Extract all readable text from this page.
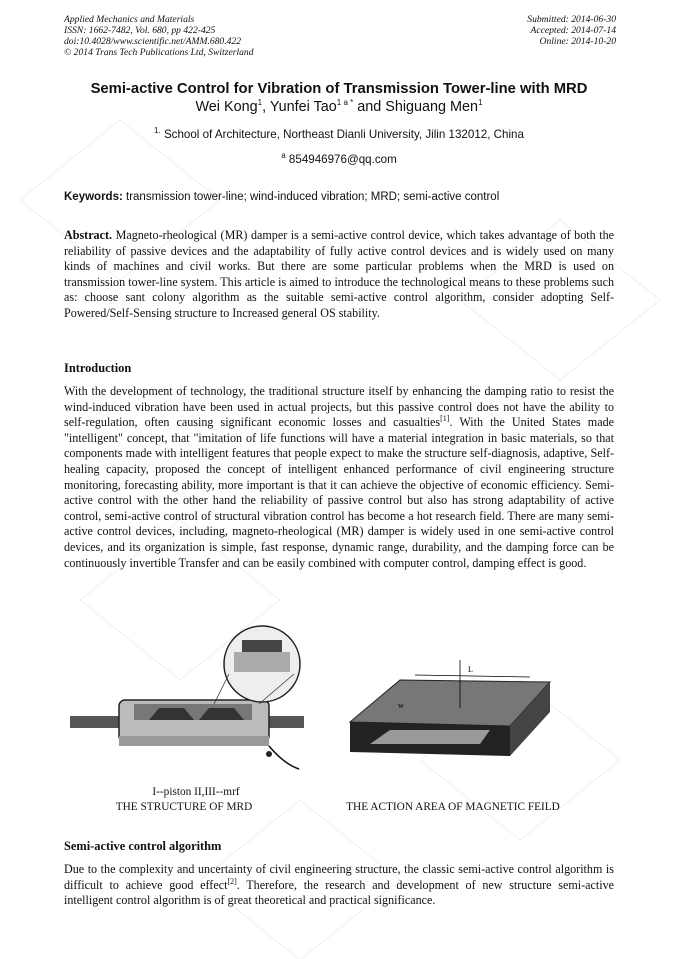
Applied Mechanics and Materials
ISSN: 1662-7482, Vol. 680, pp 422-425
doi:10.4028/www.scientific.net/AMM.680.422
© 2014 Trans Tech Publications Ltd, Switzerland
Submitted: 2014-06-30
Accepted: 2014-07-14
Online: 2014-10-20
Semi-active Control for Vibration of Transmission Tower-line with MRD
Wei Kong$^1$, Yunfei Tao$^{1 a *}$ and Shiguang Men$^1$
$^{1.}$ School of Architecture, Northeast Dianli University, Jilin 132012, China
$^a$ 854946976@qq.com
Keywords: transmission tower-line; wind-induced vibration; MRD; semi-active control
Abstract. Magneto-rheological (MR) damper is a semi-active control device, which takes advantage of both the reliability of passive devices and the adaptability of fully active control devices and is widely used on many kinds of machines and civil works. But there are some particular problems when the MRD is used on transmission tower-line system. This article is aimed to introduce the technological means to these problems such as: choose sant colony algorithm as the suitable semi-active control algorithm, consider adopting Self-Powered/Self-Sensing structure to Increased general OS stability.
Introduction
With the development of technology, the traditional structure itself by enhancing the damping ratio to resist the wind-induced vibration have been used in actual projects, but this passive control does not have the ability to self-regulation, often causing significant economic losses and casualties[1]. With the United States made "intelligent" concept, that "imitation of life functions will have a material integration in basic materials, so that components made with intelligent features that people expect to make the structure self-diagnosis, adaptive, Self-healing capacity, proposed the concept of intelligent enhanced performance of civil engineering structure monitoring, forecasting ability, more important is that it can achieve the objective of economic efficiency. Semi-active control with the other hand the reliability of passive control but also has strong adaptability of active control, semi-active control of structural vibration control has become a hot research field. There are many semi-active control devices, including, magneto-rheological (MR) damper is widely used in one semi-active control devices, and its organization is simple, fast response, dynamic range, durability, and the damping force can be continuously invertible Transfer and can be easily combined with computer control, damping effect is good.
L
w
I--piston II,III--mrf
THE STRUCTURE OF MRD	THE ACTION AREA OF MAGNETIC FEILD
Semi-active control algorithm
Due to the complexity and uncertainty of civil engineering structure, the classic semi-active control algorithm is difficult to achieve good effect[2]. Therefore, the research and development of new structure semi-active intelligent control algorithm is of great theoretical and practical significance.
